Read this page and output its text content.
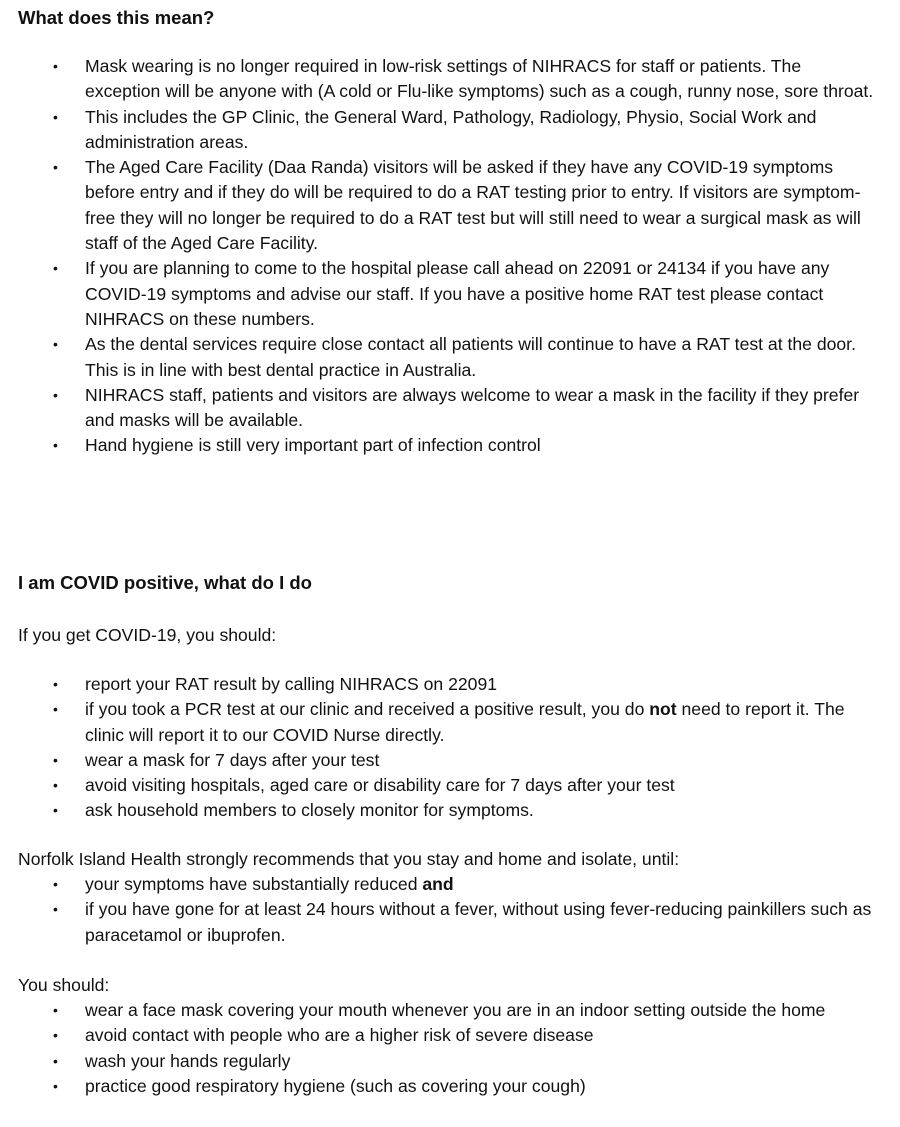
What does this mean?
• Mask wearing is no longer required in low-risk settings of NIHRACS for staff or patients. The exception will be anyone with (A cold or Flu-like symptoms) such as a cough, runny nose, sore throat.
• This includes the GP Clinic, the General Ward, Pathology, Radiology, Physio, Social Work and administration areas.
• The Aged Care Facility (Daa Randa) visitors will be asked if they have any COVID-19 symptoms before entry and if they do will be required to do a RAT testing prior to entry. If visitors are symptom-free they will no longer be required to do a RAT test but will still need to wear a surgical mask as will staff of the Aged Care Facility.
• If you are planning to come to the hospital please call ahead on 22091 or 24134 if you have any COVID-19 symptoms and advise our staff. If you have a positive home RAT test please contact NIHRACS on these numbers.
• As the dental services require close contact all patients will continue to have a RAT test at the door. This is in line with best dental practice in Australia.
• NIHRACS staff, patients and visitors are always welcome to wear a mask in the facility if they prefer and masks will be available.
• Hand hygiene is still very important part of infection control
I am COVID positive, what do I do

If you get COVID-19, you should:

• report your RAT result by calling NIHRACS on 22091
• if you took a PCR test at our clinic and received a positive result, you do not need to report it. The clinic will report it to our COVID Nurse directly.
• wear a mask for 7 days after your test
• avoid visiting hospitals, aged care or disability care for 7 days after your test
• ask household members to closely monitor for symptoms.

Norfolk Island Health strongly recommends that you stay and home and isolate, until:

• your symptoms have substantially reduced and
• if you have gone for at least 24 hours without a fever, without using fever-reducing painkillers such as paracetamol or ibuprofen.

You should:

• wear a face mask covering your mouth whenever you are in an indoor setting outside the home
• avoid contact with people who are a higher risk of severe disease
• wash your hands regularly
• practice good respiratory hygiene (such as covering your cough)
